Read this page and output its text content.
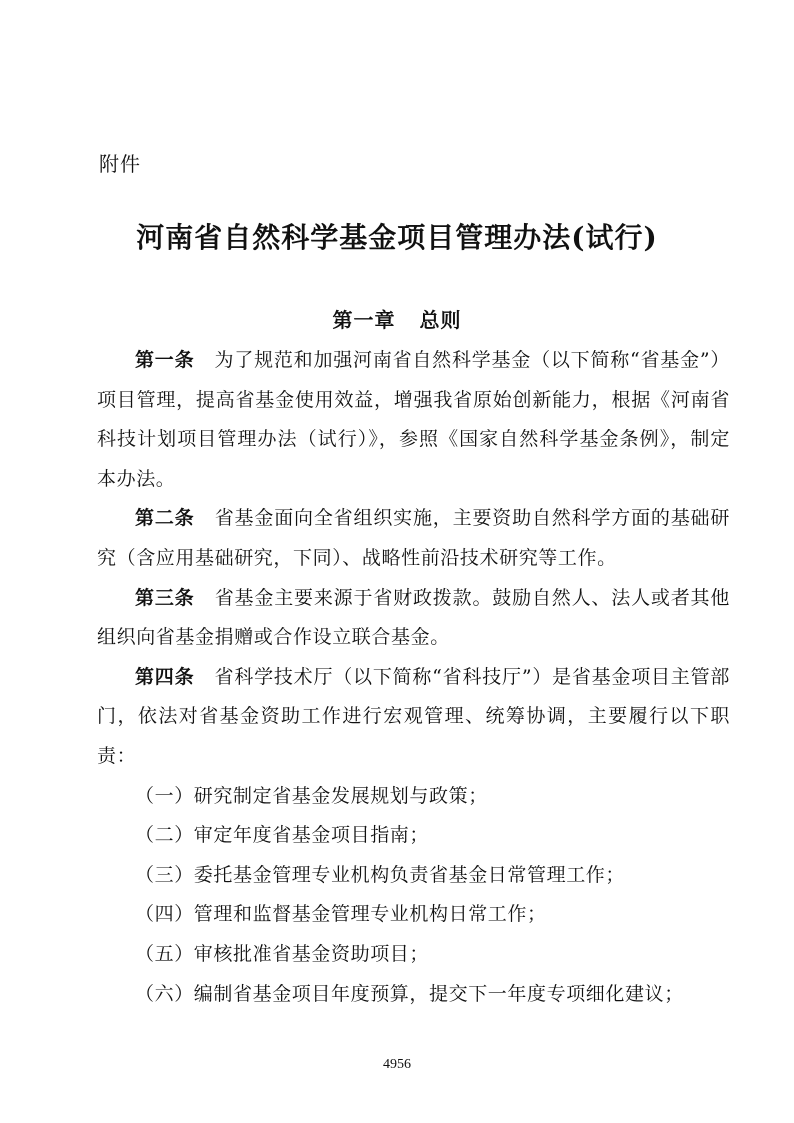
附件
河南省自然科学基金项目管理办法(试行)
第一章 总则

第一条 为了规范和加强河南省自然科学基金（以下简称“省基金”）项目管理，提高省基金使用效益，增强我省原始创新能力，根据《河南省科技计划项目管理办法（试行）》，参照《国家自然科学基金条例》，制定本办法。

第二条 省基金面向全省组织实施，主要资助自然科学方面的基础研究（含应用基础研究，下同）、战略性前沿技术研究等工作。

第三条 省基金主要来源于省财政拨款。鼓励自然人、法人或者其他组织向省基金捐赠或合作设立联合基金。

第四条 省科学技术厅（以下简称“省科技厅”）是省基金项目主管部门，依法对省基金资助工作进行宏观管理、统筹协调，主要履行以下职责：

（一）研究制定省基金发展规划与政策；

（二）审定年度省基金项目指南；

（三）委托基金管理专业机构负责省基金日常管理工作；

（四）管理和监督基金管理专业机构日常工作；

（五）审核批准省基金资助项目；

（六）编制省基金项目年度预算，提交下一年度专项细化建议；

4956
